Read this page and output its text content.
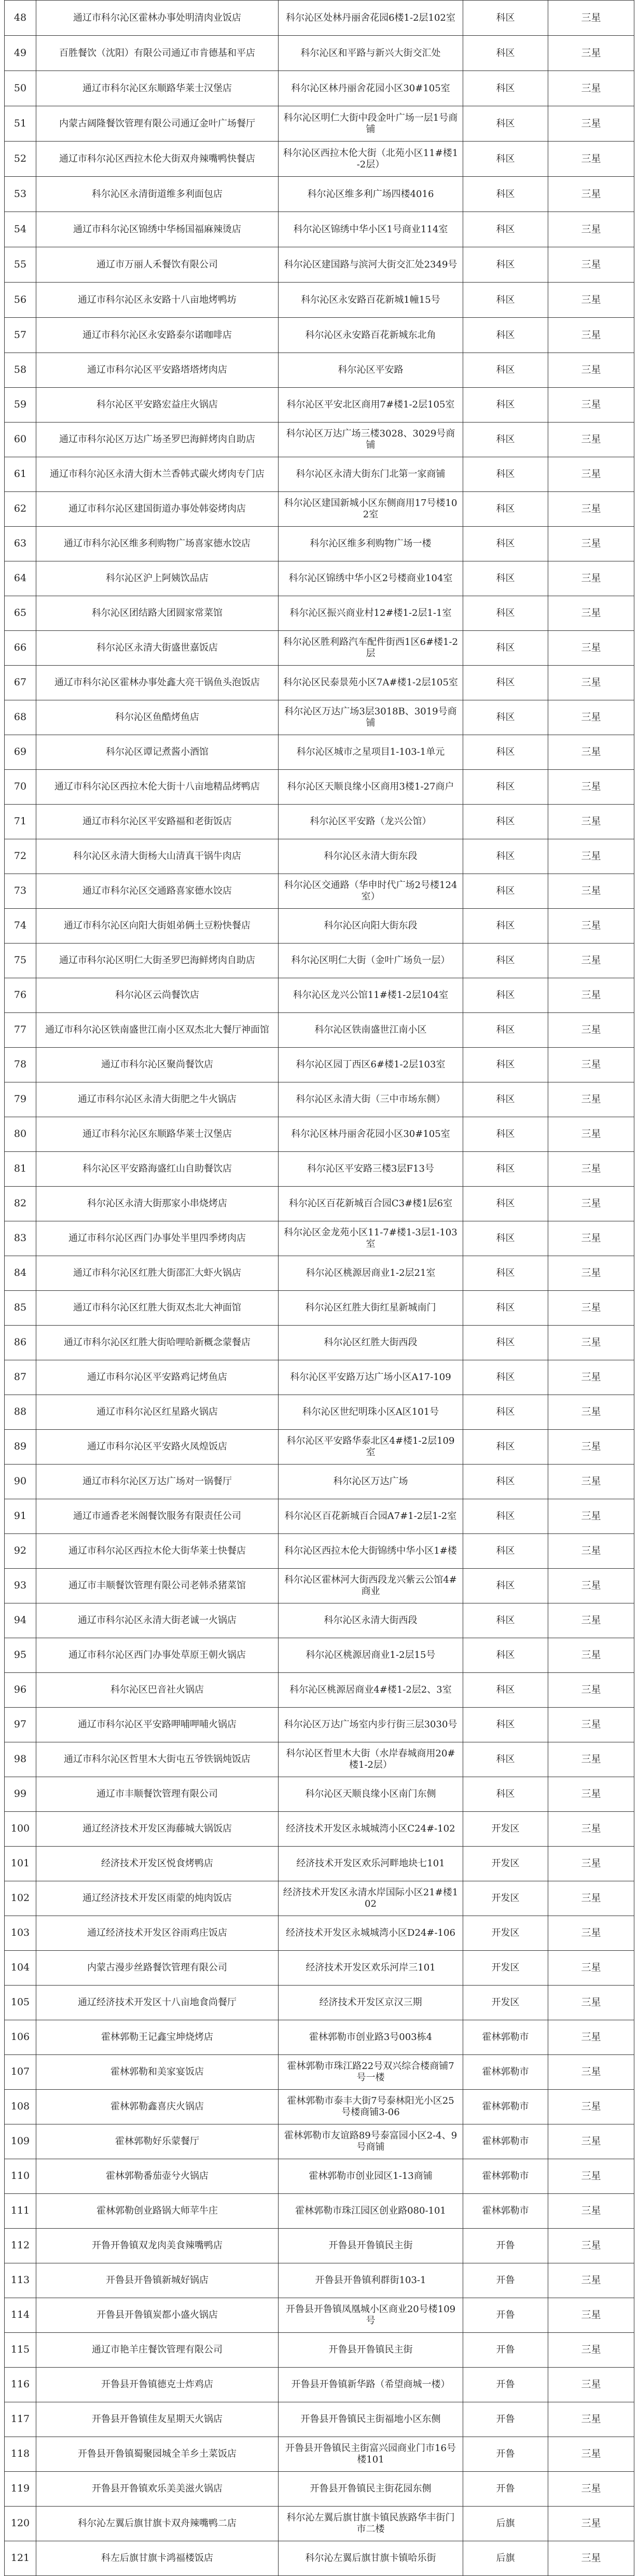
48	通辽市科尔沁区霍林办事处明清肉业饭店	科尔沁区处林丹丽舍花园6楼1-2层102室	科区	三星
49	百胜餐饮（沈阳）有限公司通辽市肯德基和平店	科尔沁区和平路与新兴大街交汇处	科区	三星
50	通辽市科尔沁区东顺路华莱士汉堡店	科尔沁区林丹丽舍花园小区30#105室	科区	三星
51	内蒙古阔隆餐饮管理有限公司通辽金叶广场餐厅	科尔沁区明仁大街中段金叶广场一层1号商铺	科区	三星
52	通辽市科尔沁区西拉木伦大街双舟辣嘴鸭快餐店	科尔沁区西拉木伦大街（北苑小区11#楼1-2层）	科区	三星
53	科尔沁区永清街道维多利面包店	科尔沁区维多利广场四楼4016	科区	三星
54	通辽市科尔沁区锦绣中华杨国福麻辣烫店	科尔沁区锦绣中华小区1号商业114室	科区	三星
55	通辽市万丽人禾餐饮有限公司	科尔沁区建国路与滨河大街交汇处2349号	科区	三星
56	通辽市科尔沁区永安路十八亩地烤鸭坊	科尔沁区永安路百花新城1幢15号	科区	三星
57	通辽市科尔沁区永安路泰尔诺咖啡店	科尔沁区永安路百花新城东北角	科区	三星
58	通辽市科尔沁区平安路塔塔烤肉店	科尔沁区平安路	科区	三星
59	科尔沁区平安路宏益庄火锅店	科尔沁区平安北区商用7#楼1-2层105室	科区	三星
60	通辽市科尔沁区万达广场圣罗巴海鲜烤肉自助店	科尔沁区万达广场三楼3028、3029号商铺	科区	三星
61	通辽市科尔沁区永清大街木兰香韩式碳火烤肉专门店	科尔沁区永清大街东门北第一家商铺	科区	三星
62	通辽市科尔沁区建国街道办事处韩姿烤肉店	科尔沁区建国新城小区东侧商用17号楼102室	科区	三星
63	通辽市科尔沁区维多利购物广场喜家德水饺店	科尔沁区维多利购物广场一楼	科区	三星
64	科尔沁区沪上阿姨饮品店	科尔沁区锦绣中华小区2号楼商业104室	科区	三星
65	科尔沁区团结路大团圆家常菜馆	科尔沁区振兴商业村12#楼1-2层1-1室	科区	三星
66	科尔沁区永清大街盛世嘉饭店	科尔沁区胜利路汽车配件街西1区6#楼1-2层	科区	三星
67	通辽市科尔沁区霍林办事处鑫大亮干锅鱼头泡饭店	科尔沁区民泰景苑小区7A#楼1-2层105室	科区	三星
68	科尔沁区鱼酷烤鱼店	科尔沁区万达广场3层3018B、3019号商铺	科区	三星
69	科尔沁区谭记煮酱小酒馆	科尔沁区城市之星项目1-103-1单元	科区	三星
70	通辽市科尔沁区西拉木伦大街十八亩地精品烤鸭店	科尔沁区天顺良缘小区商用3楼1-27商户	科区	三星
71	通辽市科尔沁区平安路福和老街饭店	科尔沁区平安路（龙兴公馆）	科区	三星
72	科尔沁区永清大街杨大山清真干锅牛肉店	科尔沁区永清大街东段	科区	三星
73	通辽市科尔沁区交通路喜家德水饺店	科尔沁区交通路（华申时代广场2号楼124室）	科区	三星
74	通辽市科尔沁区向阳大街姐弟俩土豆粉快餐店	科尔沁区向阳大街东段	科区	三星
75	通辽市科尔沁区明仁大街圣罗巴海鲜烤肉自助店	科尔沁区明仁大街（金叶广场负一层）	科区	三星
76	科尔沁区云尚餐饮店	科尔沁区龙兴公馆11#楼1-2层104室	科区	三星
77	通辽市科尔沁区铁南盛世江南小区双杰北大餐厅神面馆	科尔沁区铁南盛世江南小区	科区	三星
78	通辽市科尔沁区聚尚餐饮店	科尔沁区园丁西区6#楼1-2层103室	科区	三星
79	通辽市科尔沁区永清大街肥之牛火锅店	科尔沁区永清大街（三中市场东侧）	科区	三星
80	通辽市科尔沁区东顺路华莱士汉堡店	科尔沁区林丹丽舍花园小区30#105室	科区	三星
81	科尔沁区平安路海盛红山自助餐饮店	科尔沁区平安路三楼3层F13号	科区	三星
82	科尔沁区永清大街那家小串烧烤店	科尔沁区百花新城百合园C3#楼1层6室	科区	三星
83	通辽市科尔沁区西门办事处半里四季烤肉店	科尔沁区金龙苑小区11-7#楼1-3层1-103室	科区	三星
84	通辽市科尔沁区红胜大街邵汇大虾火锅店	科尔沁区桃源居商业1-2层21室	科区	三星
85	通辽市科尔沁区红胜大街双杰北大神面馆	科尔沁区红胜大街红星新城南门	科区	三星
86	通辽市科尔沁区红胜大街哈哩哈新概念蒙餐店	科尔沁区红胜大街西段	科区	三星
87	通辽市科尔沁区平安路鸡记烤鱼店	科尔沁区平安路万达广场小区A17-109	科区	三星
88	通辽市科尔沁区红星路火锅店	科尔沁区世纪明珠小区A区101号	科区	三星
89	通辽市科尔沁区平安路火凤煌饭店	科尔沁区平安路华泰北区4#楼1-2层109室	科区	三星
90	通辽市科尔沁区万达广场对一锅餐厅	科尔沁区万达广场	科区	三星
91	通辽市通香老米阁餐饮服务有限责任公司	科尔沁区百花新城百合园A7#1-2层1-2室	科区	三星
92	通辽市科尔沁区西拉木伦大街华莱士快餐店	科尔沁区西拉木伦大街锦绣中华小区1#楼	科区	三星
93	通辽市丰顺餐饮管理有限公司老韩杀猪菜馆	科尔沁区霍林河大街西段龙兴紫云公馆4#商业	科区	三星
94	通辽市科尔沁区永清大街老诚一火锅店	科尔沁区永清大街西段	科区	三星
95	通辽市科尔沁区西门办事处草原王朝火锅店	科尔沁区桃源居商业1-2层15号	科区	三星
96	科尔沁区巴音社火锅店	科尔沁区桃源居商业4#楼1-2层2、3室	科区	三星
97	通辽市科尔沁区平安路呷哺呷哺火锅店	科尔沁区万达广场室内步行街三层3030号	科区	三星
98	通辽市科尔沁区哲里木大街屯五爷铁锅炖饭店	科尔沁区哲里木大街（水岸春城商用20#楼1-2层）	科区	三星
99	通辽市丰顺餐饮管理有限公司	科尔沁区天顺良缘小区南门东侧	科区	三星
100	通辽经济技术开发区海藤城大锅饭店	经济技术开发区永城城湾小区C24#-102	开发区	三星
101	经济技术开发区悦食烤鸭店	经济技术开发区欢乐河畔地块七101	开发区	三星
102	通辽经济技术开发区雨蒙的炖肉饭店	经济技术开发区永清水岸国际小区21#楼102	开发区	三星
103	通辽经济技术开发区谷雨鸡庄饭店	经济技术开发区永城城湾小区D24#-106	开发区	三星
104	内蒙古漫步丝路餐饮管理有限公司	经济技术开发区欢乐河岸三101	开发区	三星
105	通辽经济技术开发区十八亩地食尚餐厅	经济技术开发区京汉三期	开发区	三星
106	霍林郭勒王记鑫宝坤烧烤店	霍林郭勒市创业路3号003栋4	霍林郭勒市	三星
107	霍林郭勒和美家宴饭店	霍林郭勒市珠江路22号双兴综合楼商铺7号一楼	霍林郭勒市	三星
108	霍林郭勒鑫喜庆火锅店	霍林郭勒市泰丰大街7号泰林阳光小区25号楼商铺3-06	霍林郭勒市	三星
109	霍林郭勒好乐蒙餐厅	霍林郭勒市友谊路89号泰富园小区2-4、9号商铺	霍林郭勒市	三星
110	霍林郭勒番茄壶兮火锅店	霍林郭勒市创业园区1-13商铺	霍林郭勒市	三星
111	霍林郭勒创业路锅大师苹牛庄	霍林郭勒市珠江园区创业路080-101	霍林郭勒市	三星
112	开鲁开鲁镇双龙肉美食辣嘴鸭店	开鲁县开鲁镇民主街	开鲁	三星
113	开鲁县开鲁镇新城好锅店	开鲁县开鲁镇利群街103-1	开鲁	三星
114	开鲁县开鲁镇炭都小盛火锅店	开鲁县开鲁镇凤凰城小区商业20号楼109号	开鲁	三星
115	通辽市艳羊庄餐饮管理有限公司	开鲁县开鲁镇民主街	开鲁	三星
116	开鲁县开鲁镇德克士炸鸡店	开鲁县开鲁镇新华路（希望商城一楼）	开鲁	三星
117	开鲁县开鲁镇佳友星期天火锅店	开鲁县开鲁镇民主街福地小区东侧	开鲁	三星
118	开鲁县开鲁镇蜀聚园城全羊乡土菜饭店	开鲁县开鲁镇民主街富兴园商业门市16号楼101	开鲁	三星
119	开鲁县开鲁镇欢乐美美滋火锅店	开鲁县开鲁镇民主街花园东侧	开鲁	三星
120	科尔沁左翼后旗甘旗卡双舟辣嘴鸭二店	科尔沁左翼后旗甘旗卡镇民族路华丰街门市二楼	后旗	三星
121	科左后旗甘旗卡鸿福楼饭店	科尔沁左翼后旗甘旗卡镇哈乐街	后旗	三星
